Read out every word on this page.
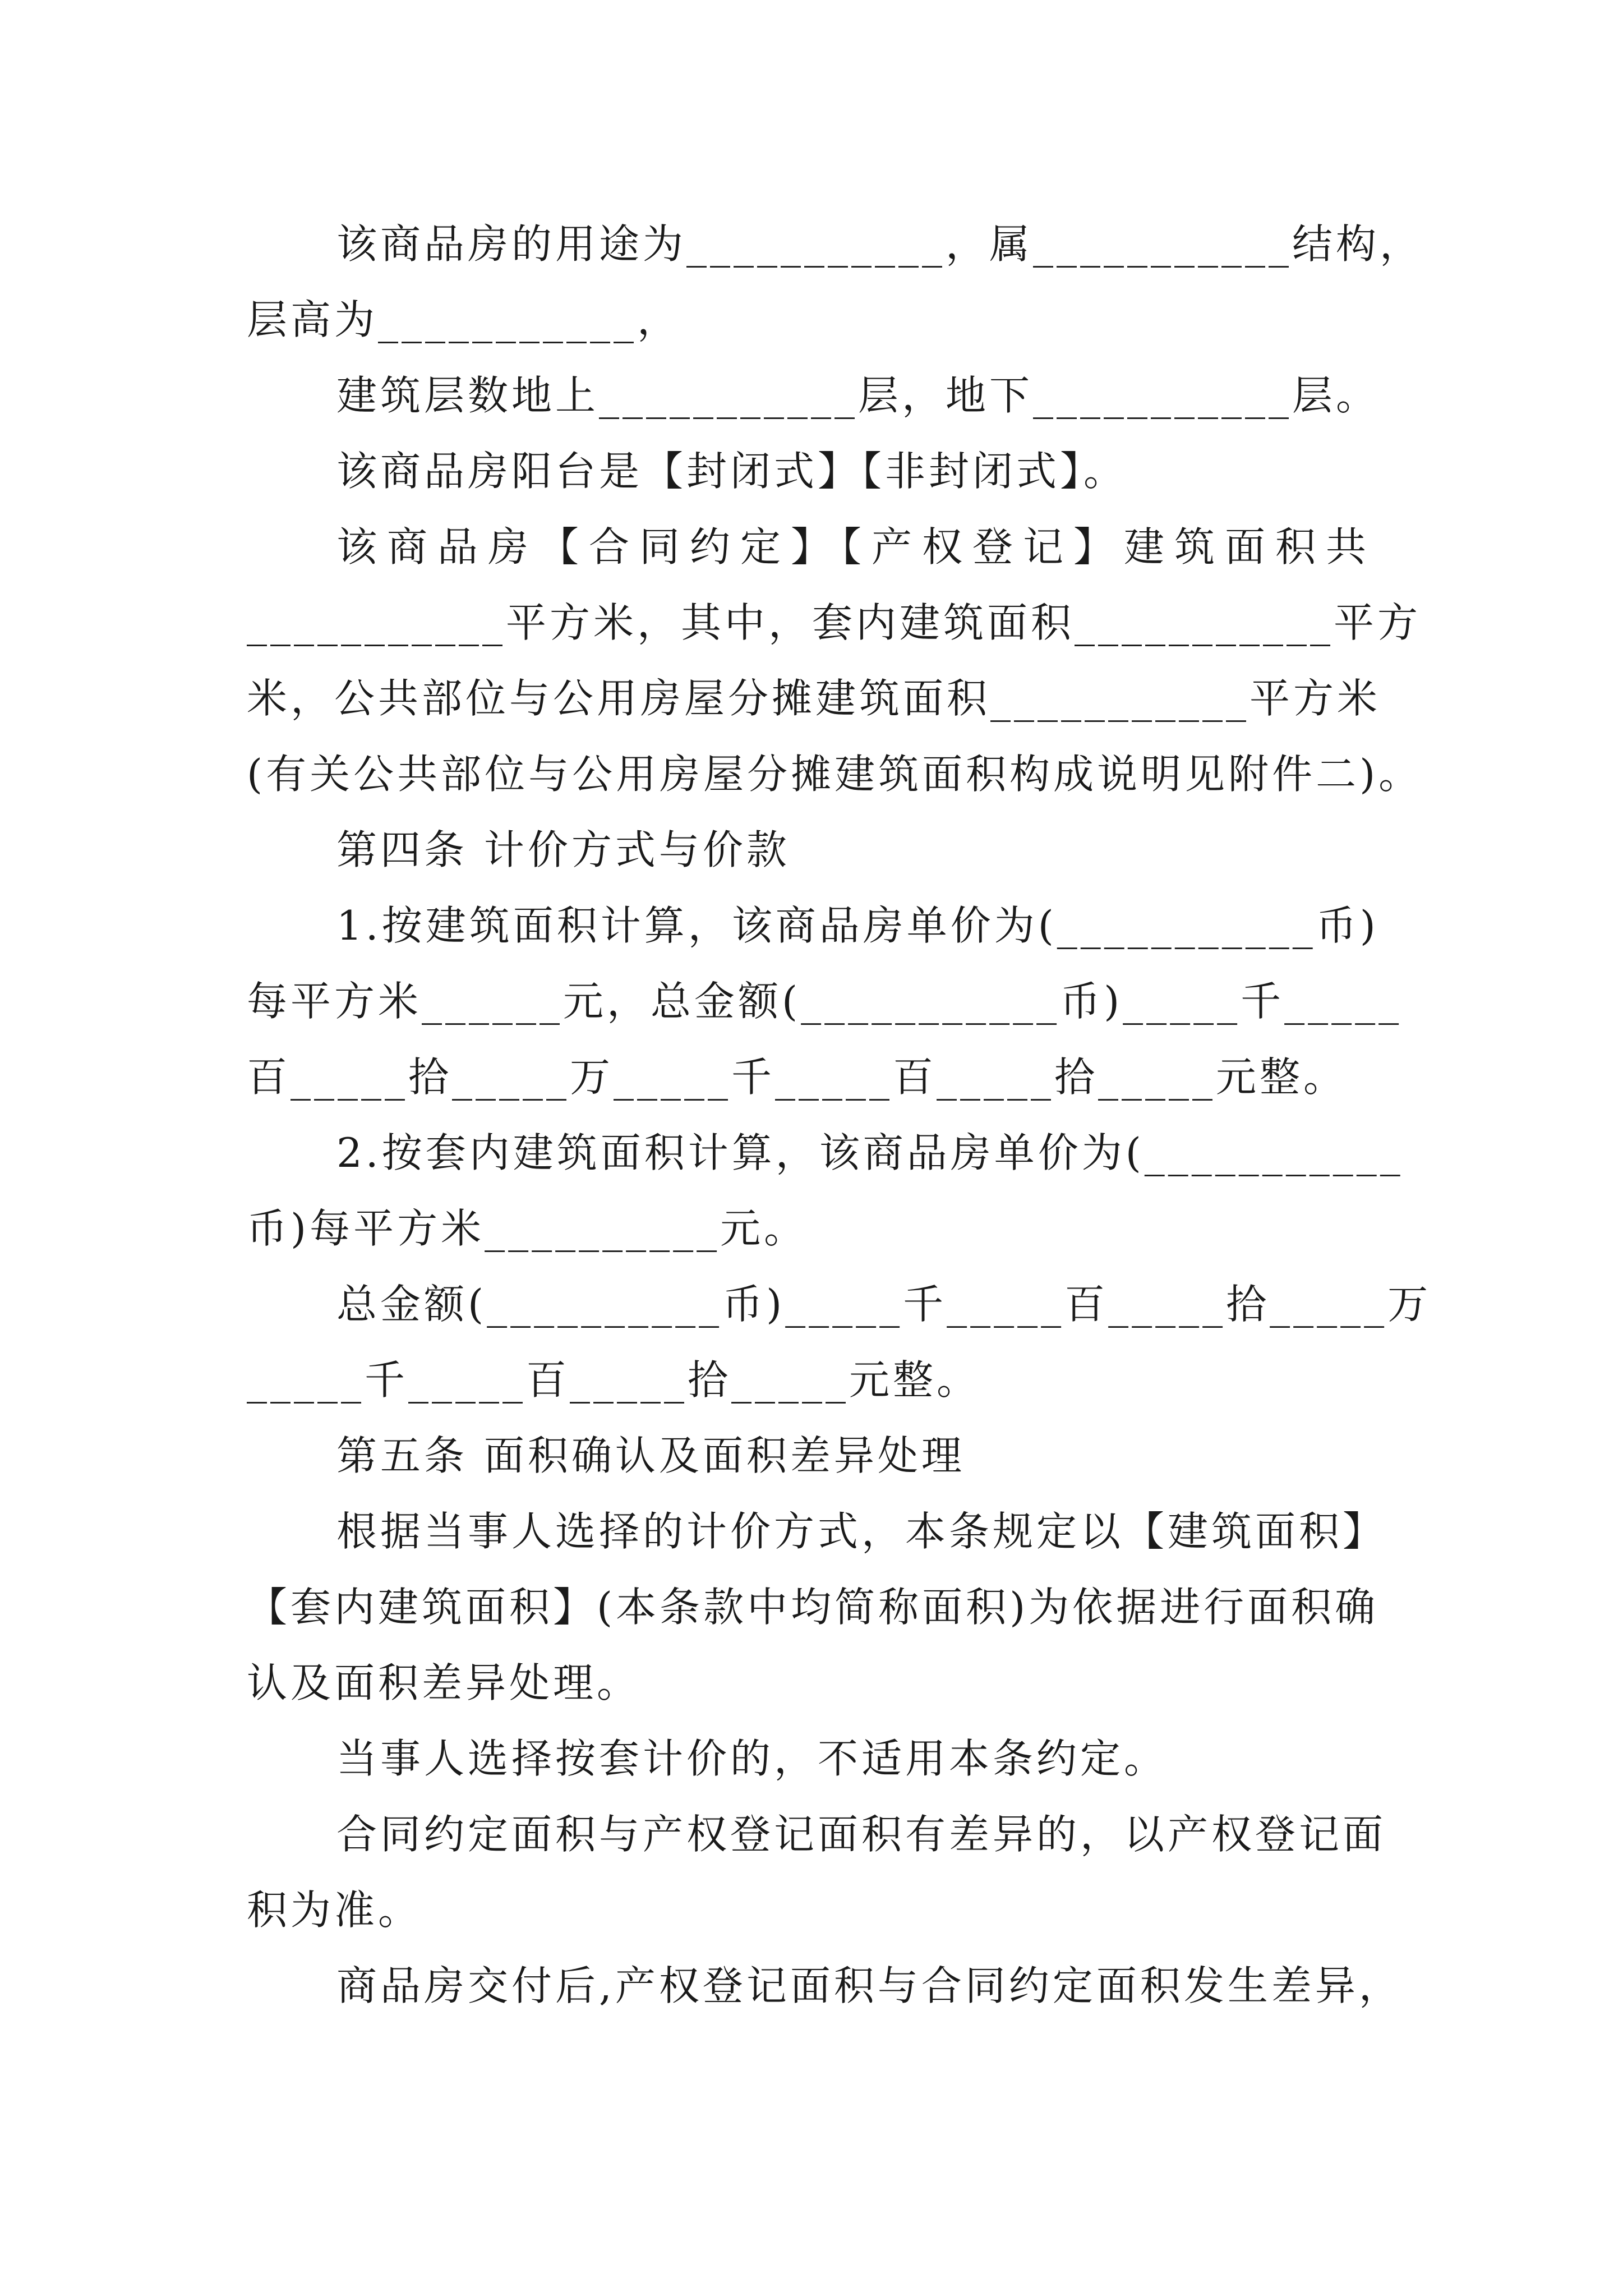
该商品房的用途为___________，属___________结构，
层高为___________，
建筑层数地上___________层，地下___________层。
该商品房阳台是【封闭式】【非封闭式】。
该商品房【合同约定】【产权登记】建筑面积共
___________平方米，其中，套内建筑面积___________平方
米，公共部位与公用房屋分摊建筑面积___________平方米
(有关公共部位与公用房屋分摊建筑面积构成说明见附件二)。
第四条 计价方式与价款
1.按建筑面积计算，该商品房单价为(___________币)
每平方米______元，总金额(___________币)_____千_____
百_____拾_____万_____千_____百_____拾_____元整。
2.按套内建筑面积计算，该商品房单价为(___________
币)每平方米__________元。
总金额(__________币)_____千_____百_____拾_____万
_____千_____百_____拾_____元整。
第五条 面积确认及面积差异处理
根据当事人选择的计价方式，本条规定以【建筑面积】
【套内建筑面积】(本条款中均简称面积)为依据进行面积确
认及面积差异处理。
当事人选择按套计价的，不适用本条约定。
合同约定面积与产权登记面积有差异的，以产权登记面
积为准。
商品房交付后,产权登记面积与合同约定面积发生差异，
